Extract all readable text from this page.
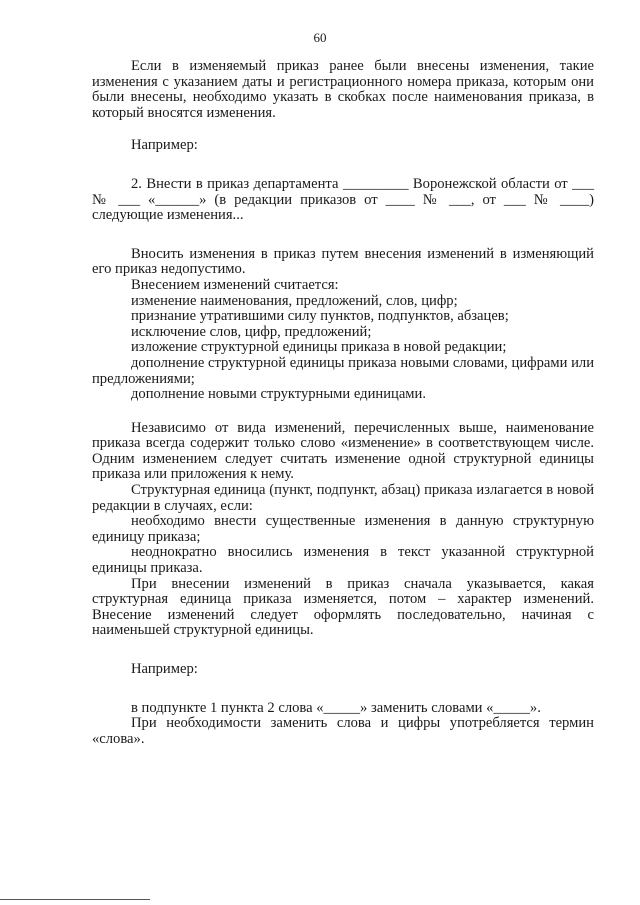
60

Если в изменяемый приказ ранее были внесены изменения, такие изменения с указанием даты и регистрационного номера приказа, которым они были внесены, необходимо указать в скобках после наименования приказа, в который вносятся изменения.

Например:

2. Внести в приказ департамента _________ Воронежской области от ___ № ___ «______» (в редакции приказов от ____ № ___, от ___ № ____) следующие изменения...

Вносить изменения в приказ путем внесения изменений в изменяющий его приказ недопустимо.

Внесением изменений считается:

изменение наименования, предложений, слов, цифр;

признание утратившими силу пунктов, подпунктов, абзацев;

исключение слов, цифр, предложений;

изложение структурной единицы приказа в новой редакции;

дополнение структурной единицы приказа новыми словами, цифрами или предложениями;

дополнение новыми структурными единицами.

Независимо от вида изменений, перечисленных выше, наименование приказа всегда содержит только слово «изменение» в соответствующем числе. Одним изменением следует считать изменение одной структурной единицы приказа или приложения к нему.

Структурная единица (пункт, подпункт, абзац) приказа излагается в новой редакции в случаях, если:

необходимо внести существенные изменения в данную структурную единицу приказа;

неоднократно вносились изменения в текст указанной структурной единицы приказа.

При внесении изменений в приказ сначала указывается, какая структурная единица приказа изменяется, потом – характер изменений. Внесение изменений следует оформлять последовательно, начиная с наименьшей структурной единицы.

Например:

в подпункте 1 пункта 2 слова «_____» заменить словами «_____».

При необходимости заменить слова и цифры употребляется термин «слова».
